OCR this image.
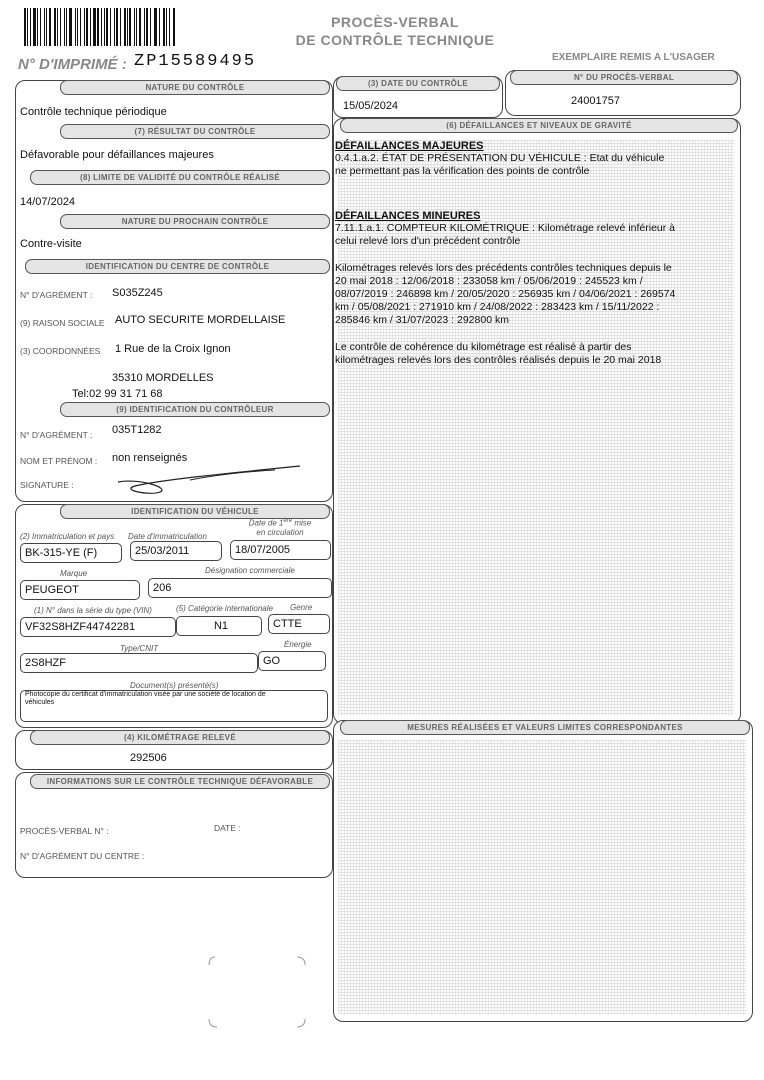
PROCÈS-VERBAL
DE CONTRÔLE TECHNIQUE
N° D'IMPRIMÉ : ZP15589495	EXEMPLAIRE REMIS A L'USAGER
NATURE DU CONTRÔLE
Contrôle technique périodique
(7) RÉSULTAT DU CONTRÔLE
Défavorable pour défaillances majeures
(8) LIMITE DE VALIDITÉ DU CONTRÔLE RÉALISÉ
14/07/2024
NATURE DU PROCHAIN CONTRÔLE
Contre-visite
IDENTIFICATION DU CENTRE DE CONTRÔLE
N° D'AGRÉMENT : S035Z245
(9) RAISON SOCIALE AUTO SECURITE MORDELLAISE
(3) COORDONNÉES 1 Rue de la Croix Ignon
35310 MORDELLES
Tel:02 99 31 71 68
(9) IDENTIFICATION DU CONTRÔLEUR
N° D'AGRÉMENT : 035T1282
NOM ET PRÉNOM : non renseignés
SIGNATURE :
IDENTIFICATION DU VÉHICULE
(2) Immatriculation et pays Date d'immatriculation
Date de 1ère mise
en circulation
BK-315-YE (F)	25/03/2011	18/07/2005
Marque	Désignation commerciale
PEUGEOT	206
(1) N° dans la série du type (VIN)	(5) Catégorie internationale Genre
VF32S8HZF44742281	N1	CTTE
Type/CNIT	Énergie
2S8HZF	GO
Document(s) présenté(s)
Photocopie du certificat d'immatriculation visée par une société de location de
véhicules
(4) KILOMÉTRAGE RELEVÉ
292506
INFORMATIONS SUR LE CONTRÔLE TECHNIQUE DÉFAVORABLE
PROCÈS-VERBAL N° :	DATE :
N° D'AGRÉMENT DU CENTRE :
(3) DATE DU CONTRÔLE
15/05/2024
N° DU PROCÈS-VERBAL
24001757
(6) DÉFAILLANCES ET NIVEAUX DE GRAVITÉ
DÉFAILLANCES MAJEURES
0.4.1.a.2. ÉTAT DE PRÉSENTATION DU VÉHICULE : Etat du véhicule
ne permettant pas la vérification des points de contrôle
DÉFAILLANCES MINEURES
7.11.1.a.1. COMPTEUR KILOMÉTRIQUE : Kilométrage relevé inférieur à
celui relevé lors d'un précédent contrôle
Kilométrages relevés lors des précédents contrôles techniques depuis le
20 mai 2018 : 12/06/2018 : 233058 km / 05/06/2019 : 245523 km /
08/07/2019 : 246898 km / 20/05/2020 : 256935 km / 04/06/2021 : 269574
km / 05/08/2021 : 271910 km / 24/08/2022 : 283423 km / 15/11/2022 :
285846 km / 31/07/2023 : 292800 km
Le contrôle de cohérence du kilométrage est réalisé à partir des
kilométrages relevés lors des contrôles réalisés depuis le 20 mai 2018
MESURES RÉALISÉES ET VALEURS LIMITES CORRESPONDANTES
